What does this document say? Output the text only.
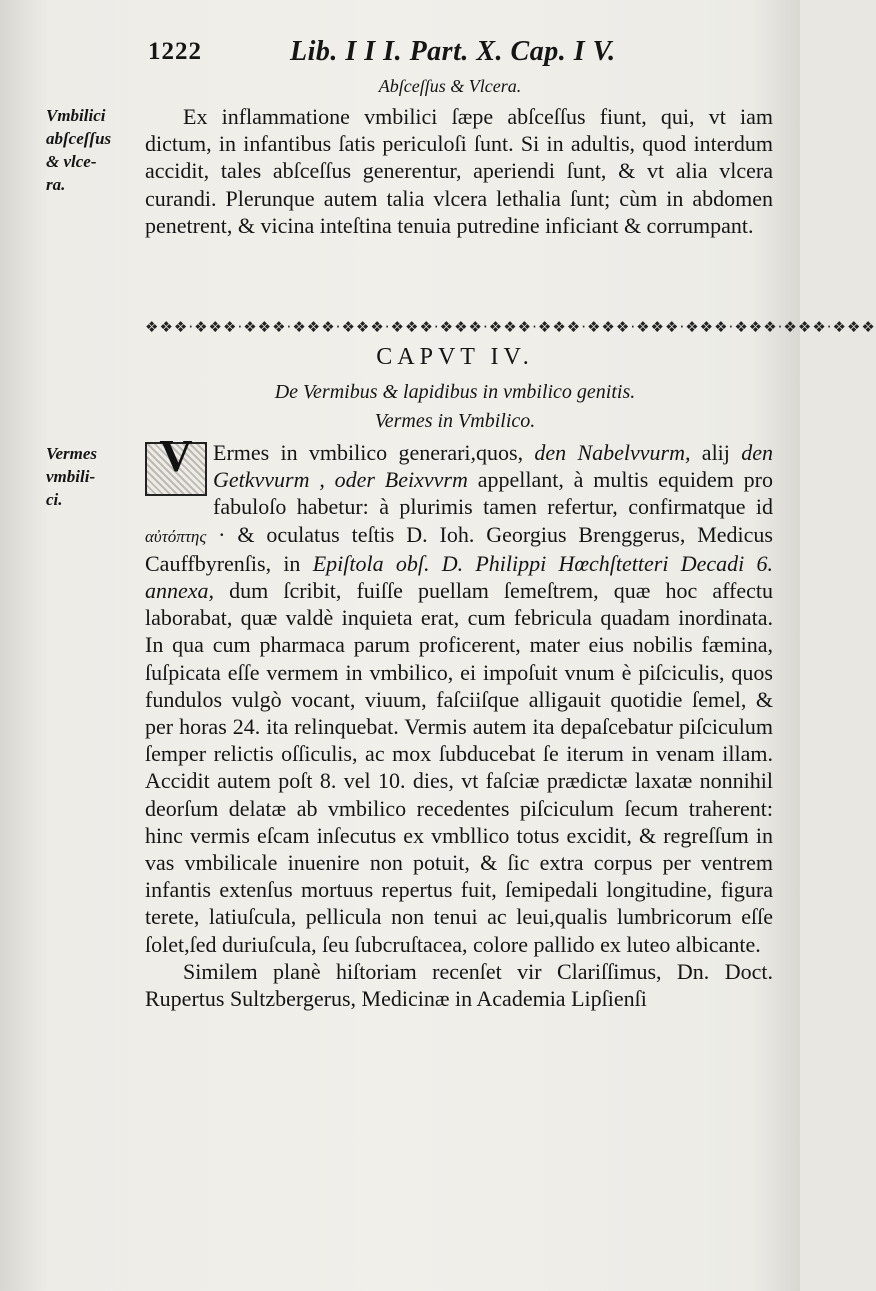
1222	Lib. I I I. Part. X. Cap. I V.
Abſceſſus & Vlcera.
Vmbilici
abſceſſus
& vlce-
ra.

Ex inflammatione vmbilici ſæpe abſceſſus fiunt, qui, vt iam dictum, in infantibus ſatis periculoſi ſunt. Si in adultis, quod interdum accidit, tales abſceſſus generentur, aperiendi ſunt, & vt alia vlcera curandi. Plerunque autem talia vlcera lethalia ſunt; cùm in abdomen penetrent, & vicina inteſtina tenuia putredine inficiant & corrumpant.

❖❖❖·❖❖❖·❖❖❖·❖❖❖·❖❖❖·❖❖❖·❖❖❖·❖❖❖·❖❖❖·❖❖❖·❖❖❖·❖❖❖·❖❖❖·❖❖❖·❖❖❖
CAPVT IV.
De Vermibus & lapidibus in vmbilico genitis.
Vermes in Vmbilico.
Vermes
vmbili-
ci.
V Ermes in vmbilico generari,quos, den Nabelvvurm, alij den Getkvvurm , oder Beixvvrm appellant, à multis equidem pro fabuloſo habetur: à plurimis tamen refertur, confirmatque id αὐτόπτης · & oculatus teſtis D. Ioh. Georgius Brenggerus, Medicus Cauffbyrenſis, in Epiſtola obſ. D. Philippi Hœchſtetteri Decadi 6. annexa, dum ſcribit, fuiſſe puellam ſemeſtrem, quæ hoc affectu laborabat, quæ valdè inquieta erat, cum febricula quadam inordinata. In qua cum pharmaca parum proficerent, mater eius nobilis fæmina, ſuſpicata eſſe vermem in vmbilico, ei impoſuit vnum è piſciculis, quos fundulos vulgò vocant, viuum, faſciiſque alligauit quotidie ſemel, & per horas 24. ita relinquebat. Vermis autem ita depaſcebatur piſciculum ſemper relictis oſſiculis, ac mox ſubducebat ſe iterum in venam illam. Accidit autem poſt 8. vel 10. dies, vt faſciæ prædictæ laxatæ nonnihil deorſum delatæ ab vmbilico recedentes piſciculum ſecum traherent: hinc vermis eſcam inſecutus ex vmbllico totus excidit, & regreſſum in vas vmbilicale inuenire non potuit, & ſic extra corpus per ventrem infantis extenſus mortuus repertus fuit, ſemipedali longitudine, figura terete, latiuſcula, pellicula non tenui ac leui,qualis lumbricorum eſſe ſolet,ſed duriuſcula, ſeu ſubcruſtacea, colore pallido ex luteo albicante.

Similem planè hiſtoriam recenſet vir Clariſſimus, Dn. Doct. Rupertus Sultzbergerus, Medicinæ in Academia Lipſienſi
